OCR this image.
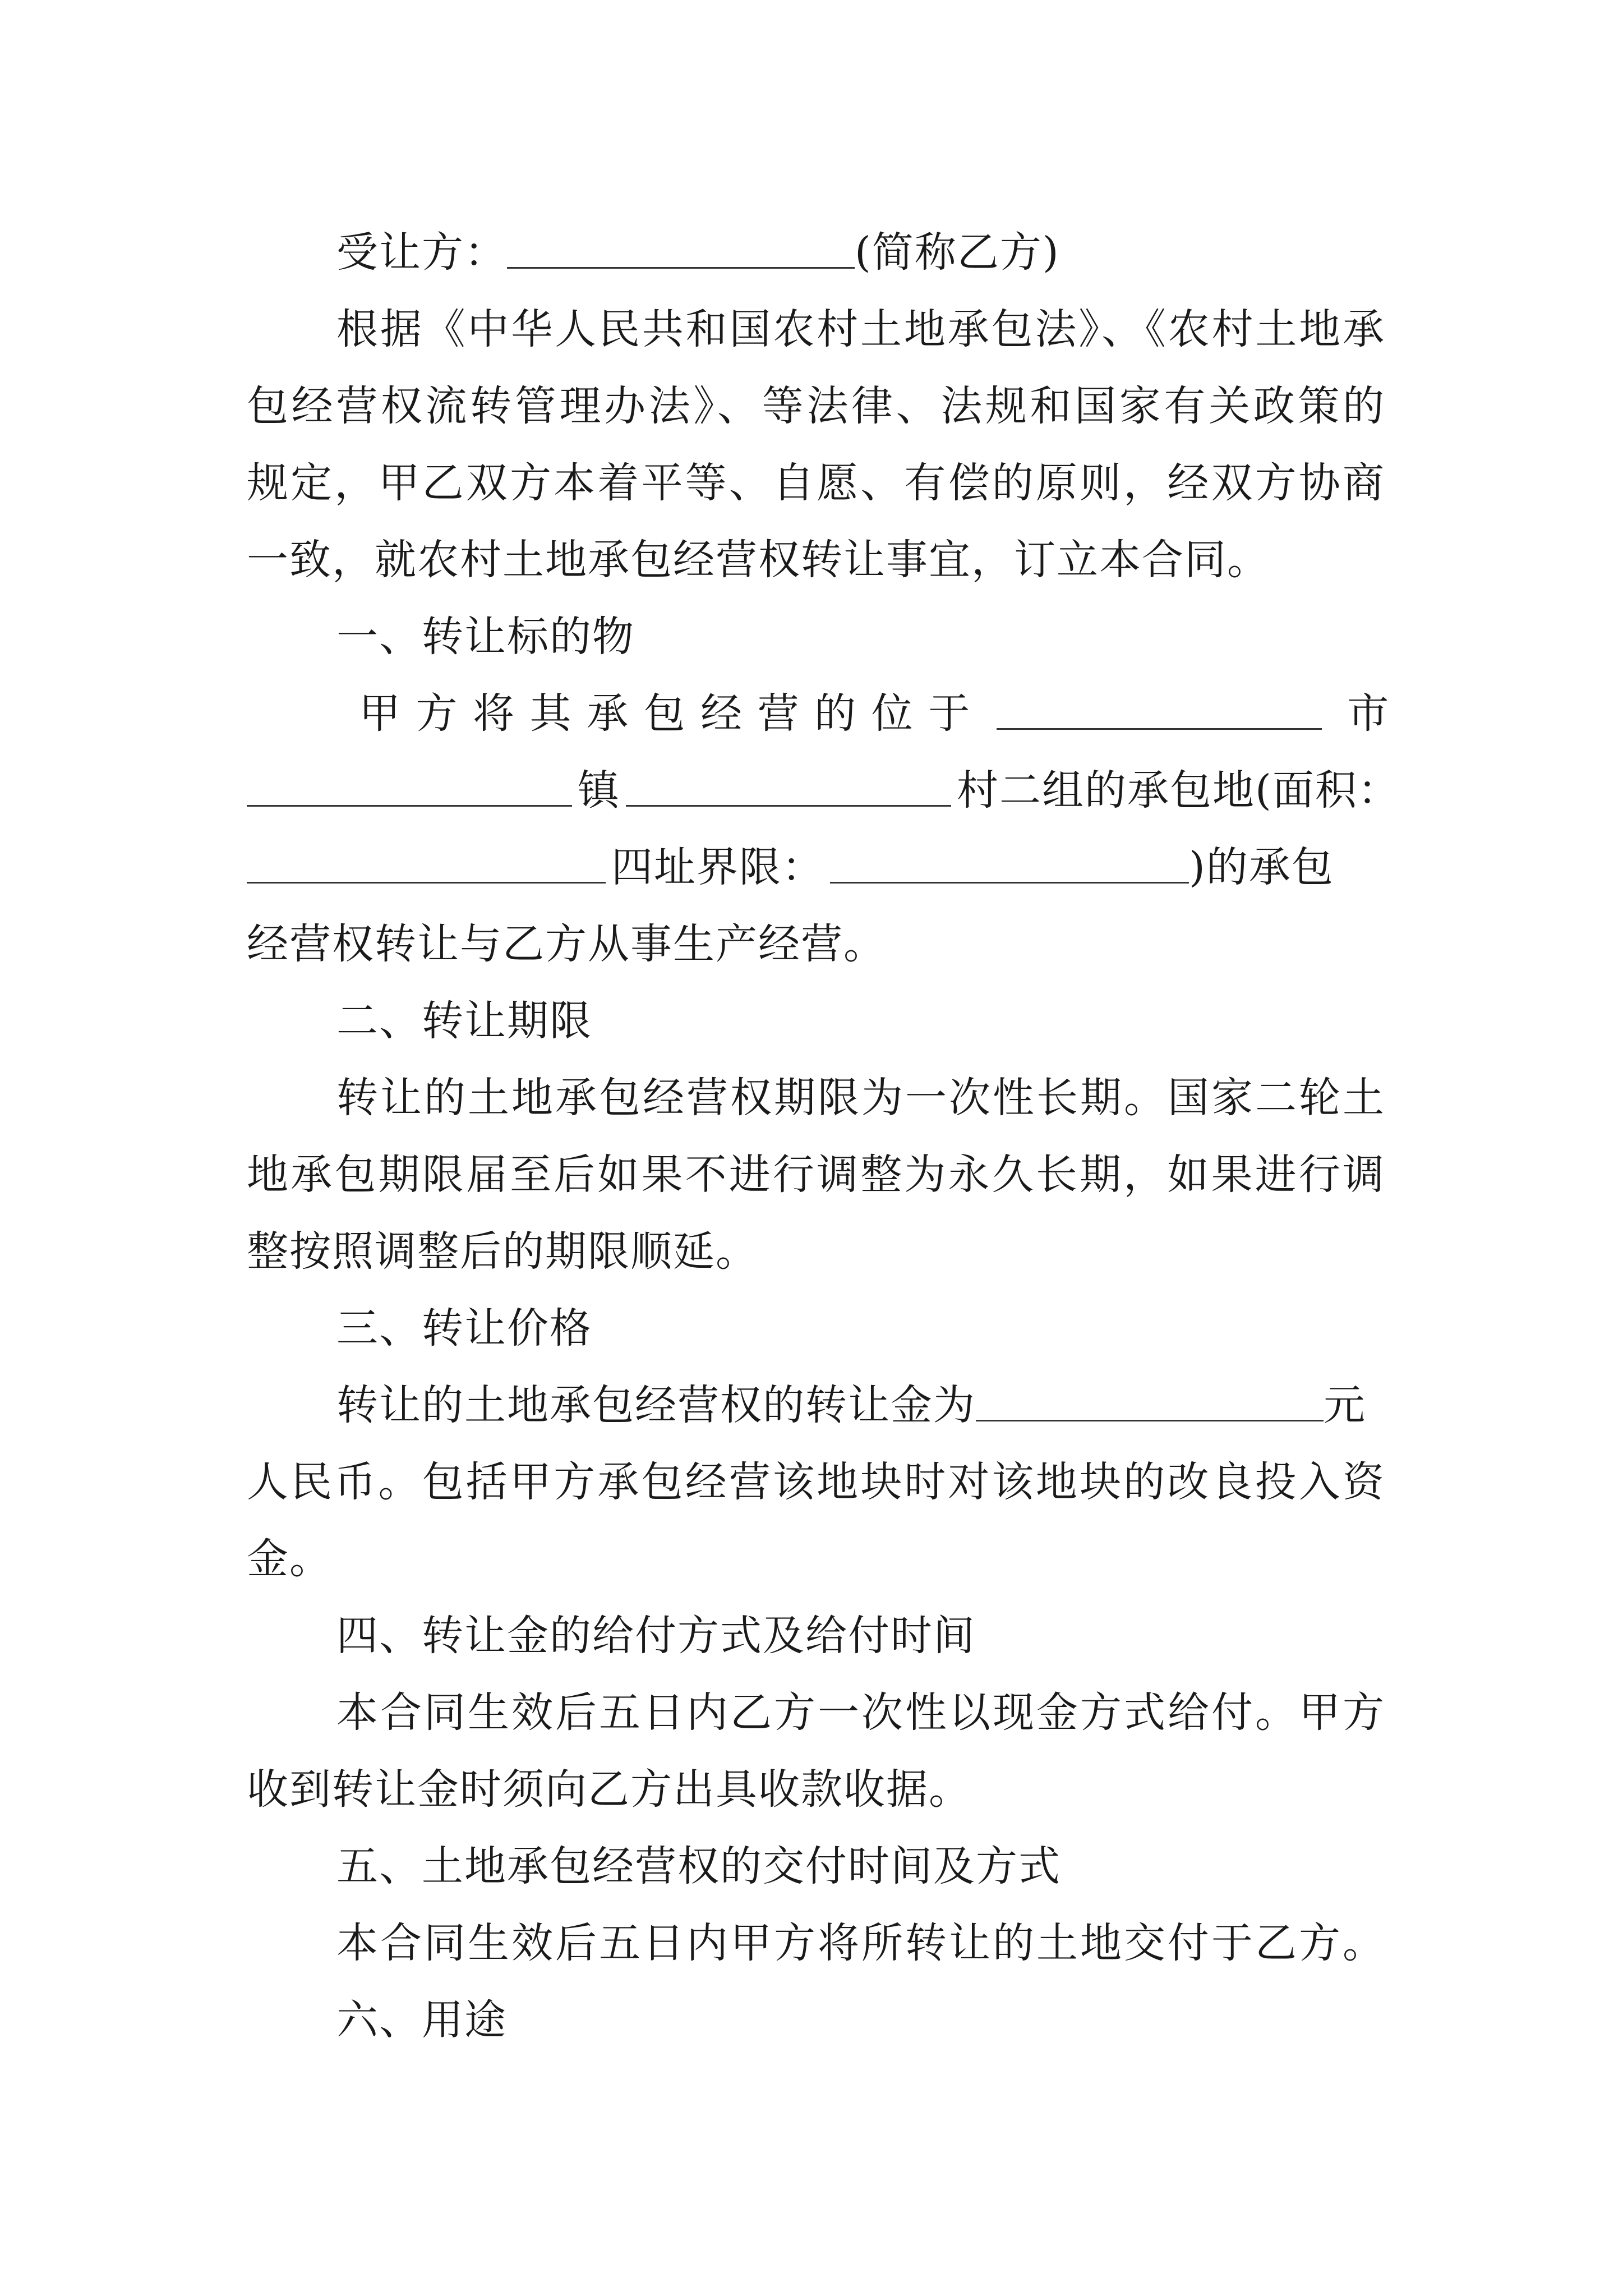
受让方：	(简称乙方)
根据《中华人民共和国农村土地承包法》、《农村土地承
包经营权流转管理办法》、等法律、法规和国家有关政策的
规定，甲乙双方本着平等、自愿、有偿的原则，经双方协商
一致，就农村土地承包经营权转让事宜，订立本合同。
一、转让标的物
甲 方 将 其 承 包 经 营 的 位 于	市
镇	村二组的承包地(面积：
四址界限：	)的承包
经营权转让与乙方从事生产经营。
二、转让期限
转让的土地承包经营权期限为一次性长期。国家二轮土
地承包期限届至后如果不进行调整为永久长期，如果进行调
整按照调整后的期限顺延。
三、转让价格
转让的土地承包经营权的转让金为	元
人民币。包括甲方承包经营该地块时对该地块的改良投入资
金。
四、转让金的给付方式及给付时间
本合同生效后五日内乙方一次性以现金方式给付。甲方
收到转让金时须向乙方出具收款收据。
五、土地承包经营权的交付时间及方式
本合同生效后五日内甲方将所转让的土地交付于乙方。
六、用途
